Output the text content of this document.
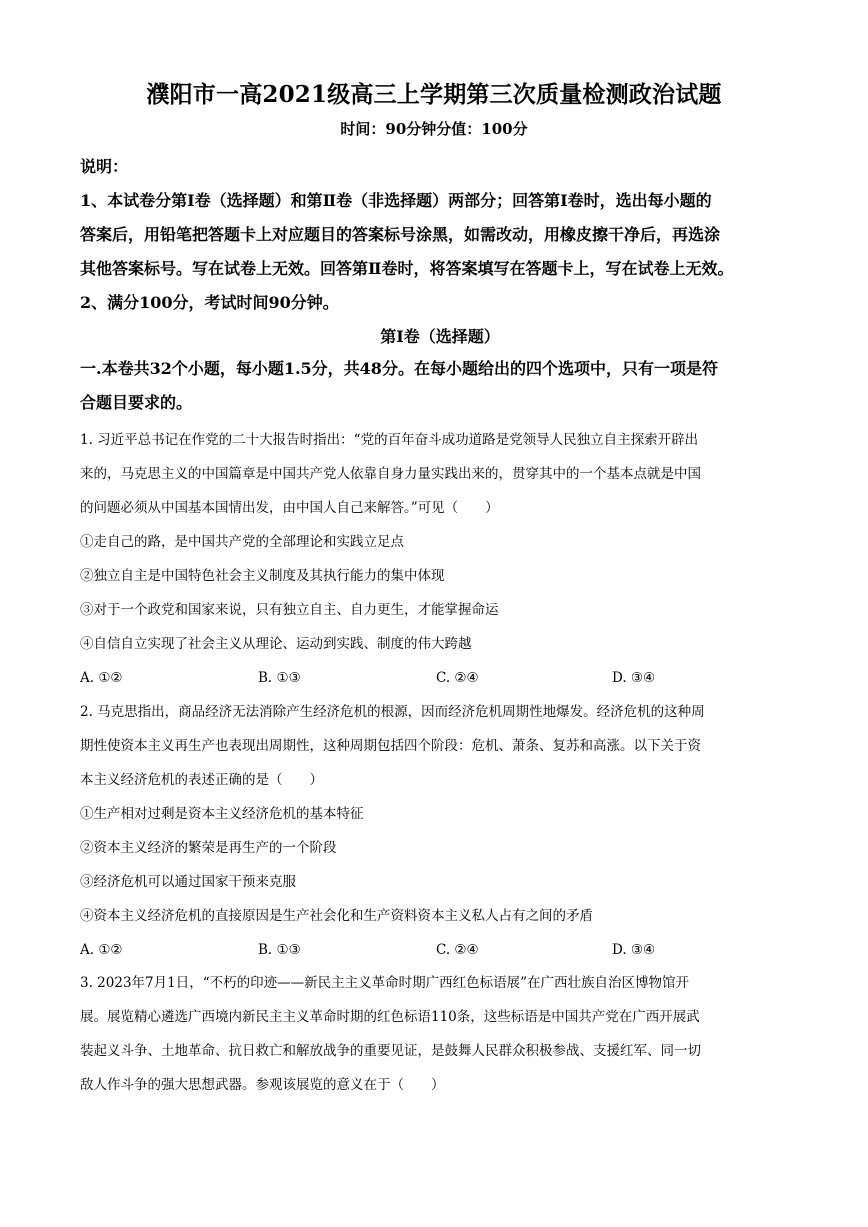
濮阳市一高2021级高三上学期第三次质量检测政治试题
时间：90分钟分值：100分
说明：
1、本试卷分第Ⅰ卷（选择题）和第Ⅱ卷（非选择题）两部分；回答第Ⅰ卷时，选出每小题的
答案后，用铅笔把答题卡上对应题目的答案标号涂黑，如需改动，用橡皮擦干净后，再选涂
其他答案标号。写在试卷上无效。回答第Ⅱ卷时，将答案填写在答题卡上，写在试卷上无效。
2、满分100分，考试时间90分钟。
第Ⅰ卷（选择题）
一.本卷共32个小题，每小题1.5分，共48分。在每小题给出的四个选项中，只有一项是符
合题目要求的。
1. 习近平总书记在作党的二十大报告时指出：“党的百年奋斗成功道路是党领导人民独立自主探索开辟出
来的，马克思主义的中国篇章是中国共产党人依靠自身力量实践出来的，贯穿其中的一个基本点就是中国
的问题必须从中国基本国情出发，由中国人自己来解答。”可见（　　）
①走自己的路，是中国共产党的全部理论和实践立足点
②独立自主是中国特色社会主义制度及其执行能力的集中体现
③对于一个政党和国家来说，只有独立自主、自力更生，才能掌握命运
④自信自立实现了社会主义从理论、运动到实践、制度的伟大跨越
A. ①②	B. ①③	C. ②④	D. ③④
2. 马克思指出，商品经济无法消除产生经济危机的根源，因而经济危机周期性地爆发。经济危机的这种周
期性使资本主义再生产也表现出周期性，这种周期包括四个阶段：危机、萧条、复苏和高涨。以下关于资
本主义经济危机的表述正确的是（　　）
①生产相对过剩是资本主义经济危机的基本特征
②资本主义经济的繁荣是再生产的一个阶段
③经济危机可以通过国家干预来克服
④资本主义经济危机的直接原因是生产社会化和生产资料资本主义私人占有之间的矛盾
A. ①②	B. ①③	C. ②④	D. ③④
3. 2023年7月1日，“不朽的印迹——新民主主义革命时期广西红色标语展”在广西壮族自治区博物馆开
展。展览精心遴选广西境内新民主主义革命时期的红色标语110条，这些标语是中国共产党在广西开展武
装起义斗争、土地革命、抗日救亡和解放战争的重要见证，是鼓舞人民群众积极参战、支援红军、同一切
敌人作斗争的强大思想武器。参观该展览的意义在于（　　）
